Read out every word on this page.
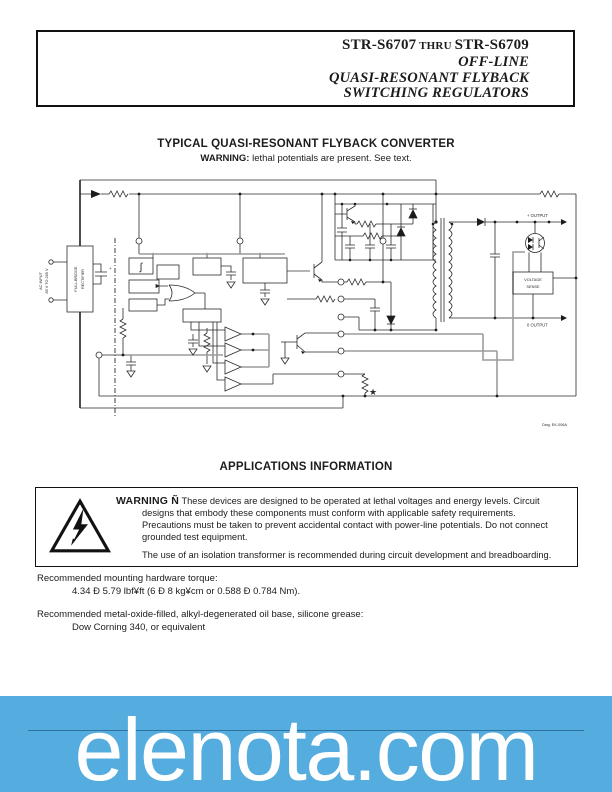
STR-S6707 THRU STR-S6709
OFF-LINE
QUASI-RESONANT FLYBACK
SWITCHING REGULATORS
TYPICAL QUASI-RESONANT FLYBACK CONVERTER
WARNING: lethal potentials are present. See text.
AC INPUT 85 V TO 265 V	FULL-BRIDGE RECTIFIER
∫
+
VOLTAGE
SENSE
+ OUTPUT
0 OUTPUT
★
Dwg. EK-006A
APPLICATIONS INFORMATION

WARNING Ñ These devices are designed to be operated at lethal voltages and energy levels. Circuit designs that embody these components must conform with applicable safety requirements. Precautions must be taken to prevent accidental contact with power-line potentials. Do not connect grounded test equipment.

The use of an isolation transformer is recommended during circuit development and breadboarding.

Recommended mounting hardware torque:
4.34 Ð 5.79 lbf¥ft (6 Ð 8 kg¥cm or 0.588 Ð 0.784 Nm).
Recommended metal-oxide-filled, alkyl-degenerated oil base, silicone grease:
Dow Corning 340, or equivalent
elenota.com
